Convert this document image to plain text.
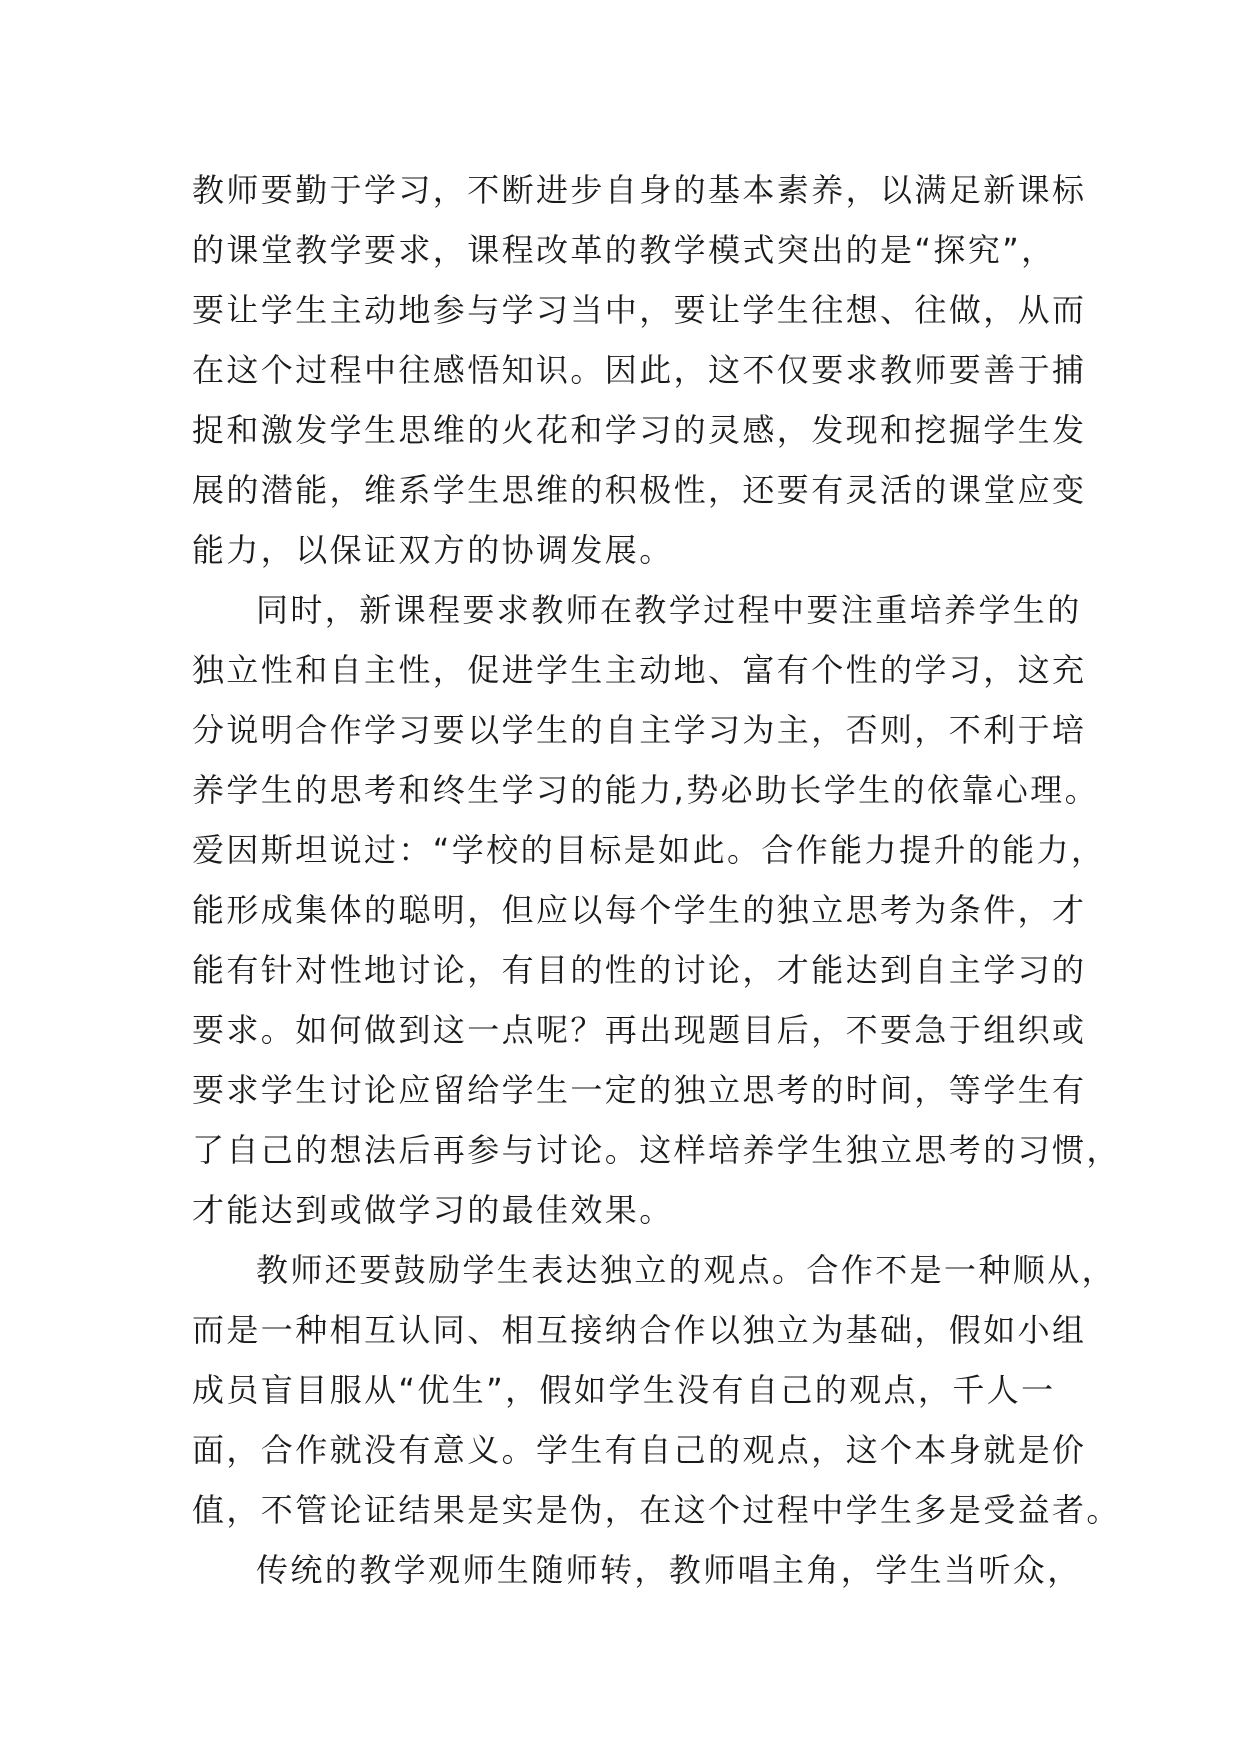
教师要勤于学习，不断进步自身的基本素养，以满足新课标
的课堂教学要求，课程改革的教学模式突出的是“探究”，
要让学生主动地参与学习当中，要让学生往想、往做，从而
在这个过程中往感悟知识。因此，这不仅要求教师要善于捕
捉和激发学生思维的火花和学习的灵感，发现和挖掘学生发
展的潜能，维系学生思维的积极性，还要有灵活的课堂应变
能力，以保证双方的协调发展。
同时，新课程要求教师在教学过程中要注重培养学生的
独立性和自主性，促进学生主动地、富有个性的学习，这充
分说明合作学习要以学生的自主学习为主，否则，不利于培
养学生的思考和终生学习的能力,势必助长学生的依靠心理。
爱因斯坦说过：“学校的目标是如此。合作能力提升的能力，
能形成集体的聪明，但应以每个学生的独立思考为条件，才
能有针对性地讨论，有目的性的讨论，才能达到自主学习的
要求。如何做到这一点呢？再出现题目后，不要急于组织或
要求学生讨论应留给学生一定的独立思考的时间，等学生有
了自己的想法后再参与讨论。这样培养学生独立思考的习惯，
才能达到或做学习的最佳效果。
教师还要鼓励学生表达独立的观点。合作不是一种顺从，
而是一种相互认同、相互接纳合作以独立为基础，假如小组
成员盲目服从“优生”，假如学生没有自己的观点，千人一
面，合作就没有意义。学生有自己的观点，这个本身就是价
值，不管论证结果是实是伪，在这个过程中学生多是受益者。
传统的教学观师生随师转，教师唱主角，学生当听众，
